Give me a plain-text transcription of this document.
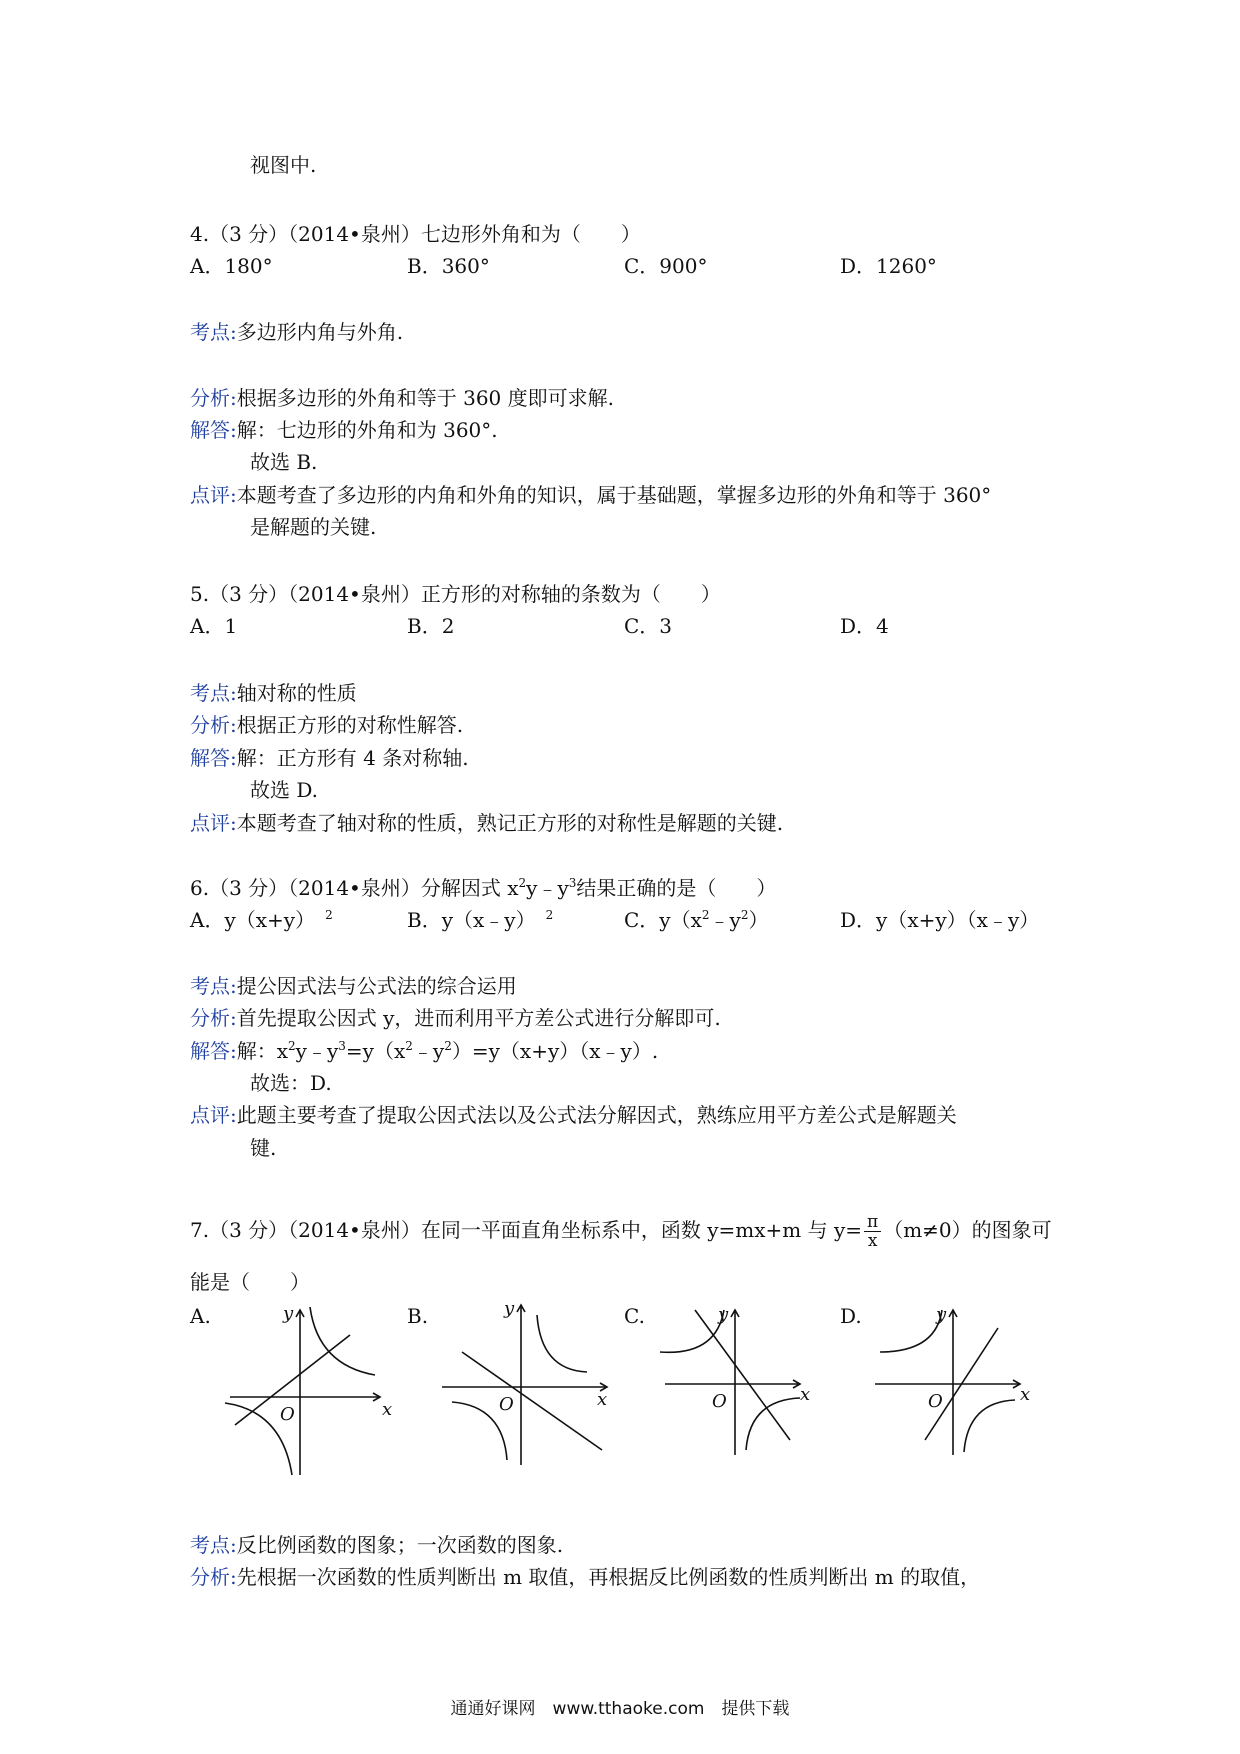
视图中.
4.（3 分）（2014•泉州）七边形外角和为（　　）
A．180°	B．360°	C．900°	D．1260°
考点:多边形内角与外角.
分析:根据多边形的外角和等于 360 度即可求解.
解答:解：七边形的外角和为 360°.
故选 B.
点评:本题考查了多边形的内角和外角的知识，属于基础题，掌握多边形的外角和等于 360°
是解题的关键.
5.（3 分）（2014•泉州）正方形的对称轴的条数为（　　）
A．1	B．2	C．3	D．4
考点:轴对称的性质
分析:根据正方形的对称性解答.
解答:解：正方形有 4 条对称轴.
故选 D.
点评:本题考查了轴对称的性质，熟记正方形的对称性是解题的关键.
6.（3 分）（2014•泉州）分解因式 $x^2y﹣y^3$结果正确的是（　　）
A．y（x+y） $^2$	B．y（x﹣y） $^2$	C．$y(x^2﹣y^2)$	D．y（x+y）（x﹣y）
考点:提公因式法与公式法的综合运用
分析:首先提取公因式 y，进而利用平方差公式进行分解即可.
解答:解：$x^2y﹣y^3=y(x^2﹣y^2)=y(x+y)(x﹣y)$.
故选：D.
点评:此题主要考查了提取公因式法以及公式法分解因式，熟练应用平方差公式是解题关
键.
7.（3 分）（2014•泉州）在同一平面直角坐标系中，函数 y=mx+m 与 $y= \frac{\pi}{x} (m\ne 0)$的图象可
能是（　　）
A.	B.	C.	D.
y
x
O
y
x
O
y
x
O
y
x
O
考点:反比例函数的图象；一次函数的图象.
分析:先根据一次函数的性质判断出 m 取值，再根据反比例函数的性质判断出 m 的取值，
通通好课网　www.tthaoke.com　提供下载
